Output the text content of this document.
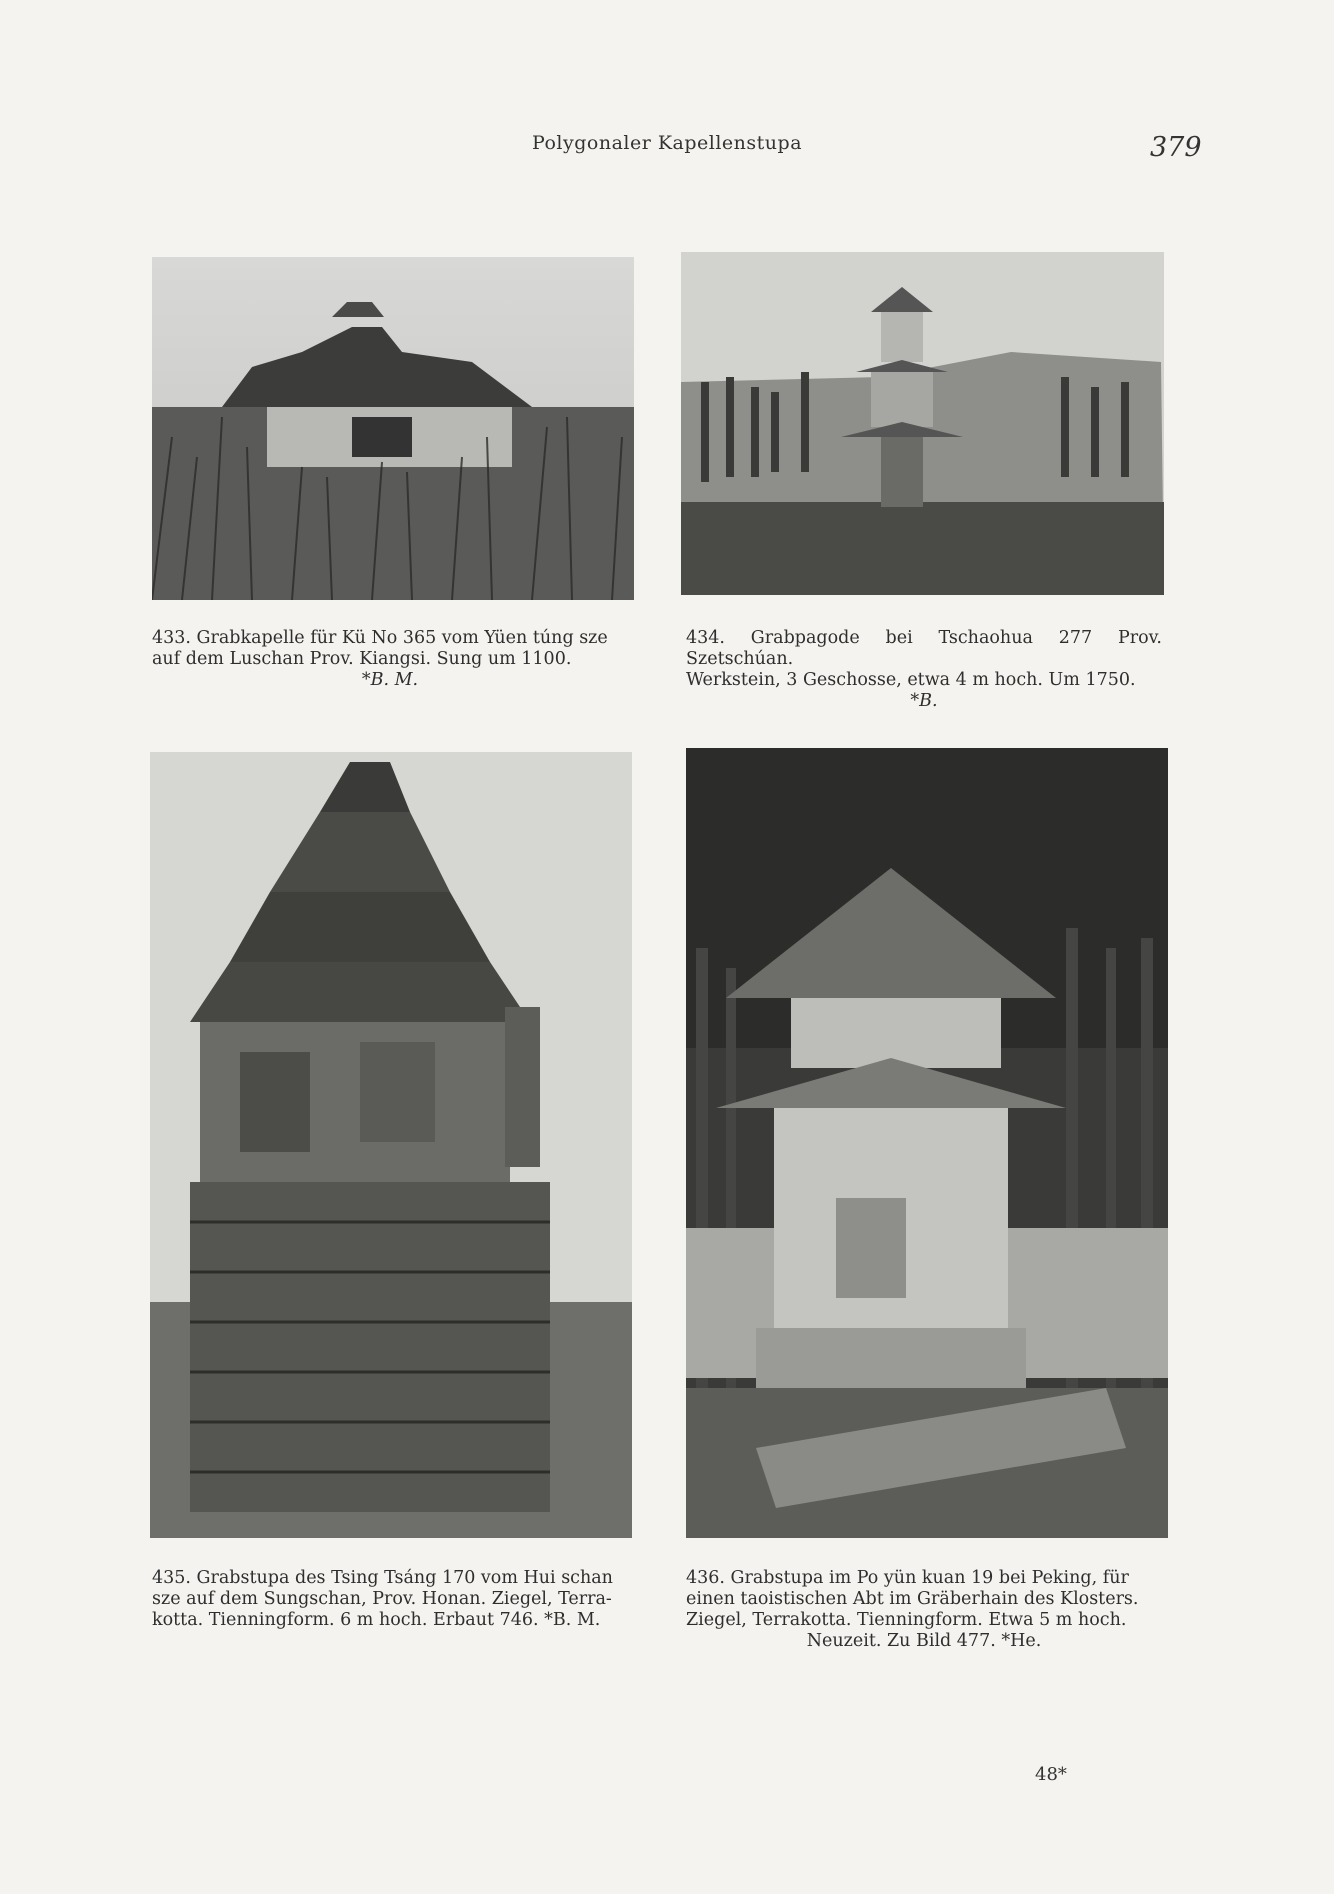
Polygonaler Kapellenstupa	379

433. Grabkapelle für Kü No 365 vom Yüen túng sze

auf dem Luschan Prov. Kiangsi. Sung um 1100.

*B. M.

434. Grabpagode bei Tschaohua 277 Prov. Szetschúan.

Werkstein, 3 Geschosse, etwa 4 m hoch. Um 1750.

*B.

435. Grabstupa des Tsing Tsáng 170 vom Hui schan

sze auf dem Sungschan, Prov. Honan. Ziegel, Terra-

kotta. Tienningform. 6 m hoch. Erbaut 746. *B. M.

436. Grabstupa im Po yün kuan 19 bei Peking, für

einen taoistischen Abt im Gräberhain des Klosters.

Ziegel, Terrakotta. Tienningform. Etwa 5 m hoch.

Neuzeit. Zu Bild 477. *He.

48*
